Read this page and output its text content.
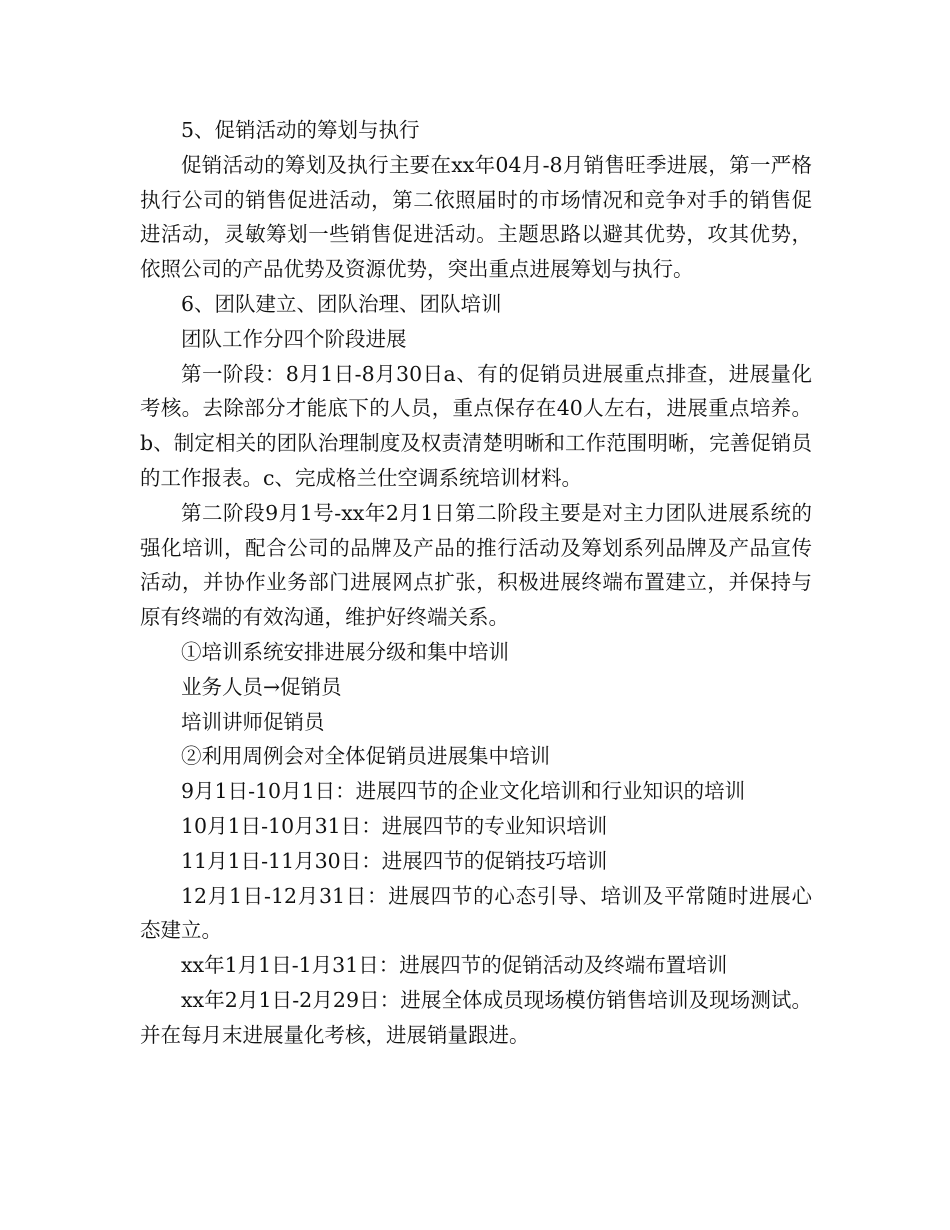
5、促销活动的筹划与执行

促销活动的筹划及执行主要在xx年04月-8月销售旺季进展，第一严格执行公司的销售促进活动，第二依照届时的市场情况和竞争对手的销售促进活动，灵敏筹划一些销售促进活动。主题思路以避其优势，攻其优势，依照公司的产品优势及资源优势，突出重点进展筹划与执行。

6、团队建立、团队治理、团队培训

团队工作分四个阶段进展

第一阶段：8月1日-8月30日a、有的促销员进展重点排查，进展量化考核。去除部分才能底下的人员，重点保存在40人左右，进展重点培养。b、制定相关的团队治理制度及权责清楚明晰和工作范围明晰，完善促销员的工作报表。c、完成格兰仕空调系统培训材料。

第二阶段9月1号-xx年2月1日第二阶段主要是对主力团队进展系统的强化培训，配合公司的品牌及产品的推行活动及筹划系列品牌及产品宣传活动，并协作业务部门进展网点扩张，积极进展终端布置建立，并保持与原有终端的有效沟通，维护好终端关系。

①培训系统安排进展分级和集中培训

业务人员→促销员

培训讲师促销员

②利用周例会对全体促销员进展集中培训

9月1日-10月1日：进展四节的企业文化培训和行业知识的培训

10月1日-10月31日：进展四节的专业知识培训

11月1日-11月30日：进展四节的促销技巧培训

12月1日-12月31日：进展四节的心态引导、培训及平常随时进展心态建立。

xx年1月1日-1月31日：进展四节的促销活动及终端布置培训

xx年2月1日-2月29日：进展全体成员现场模仿销售培训及现场测试。并在每月末进展量化考核，进展销量跟进。
